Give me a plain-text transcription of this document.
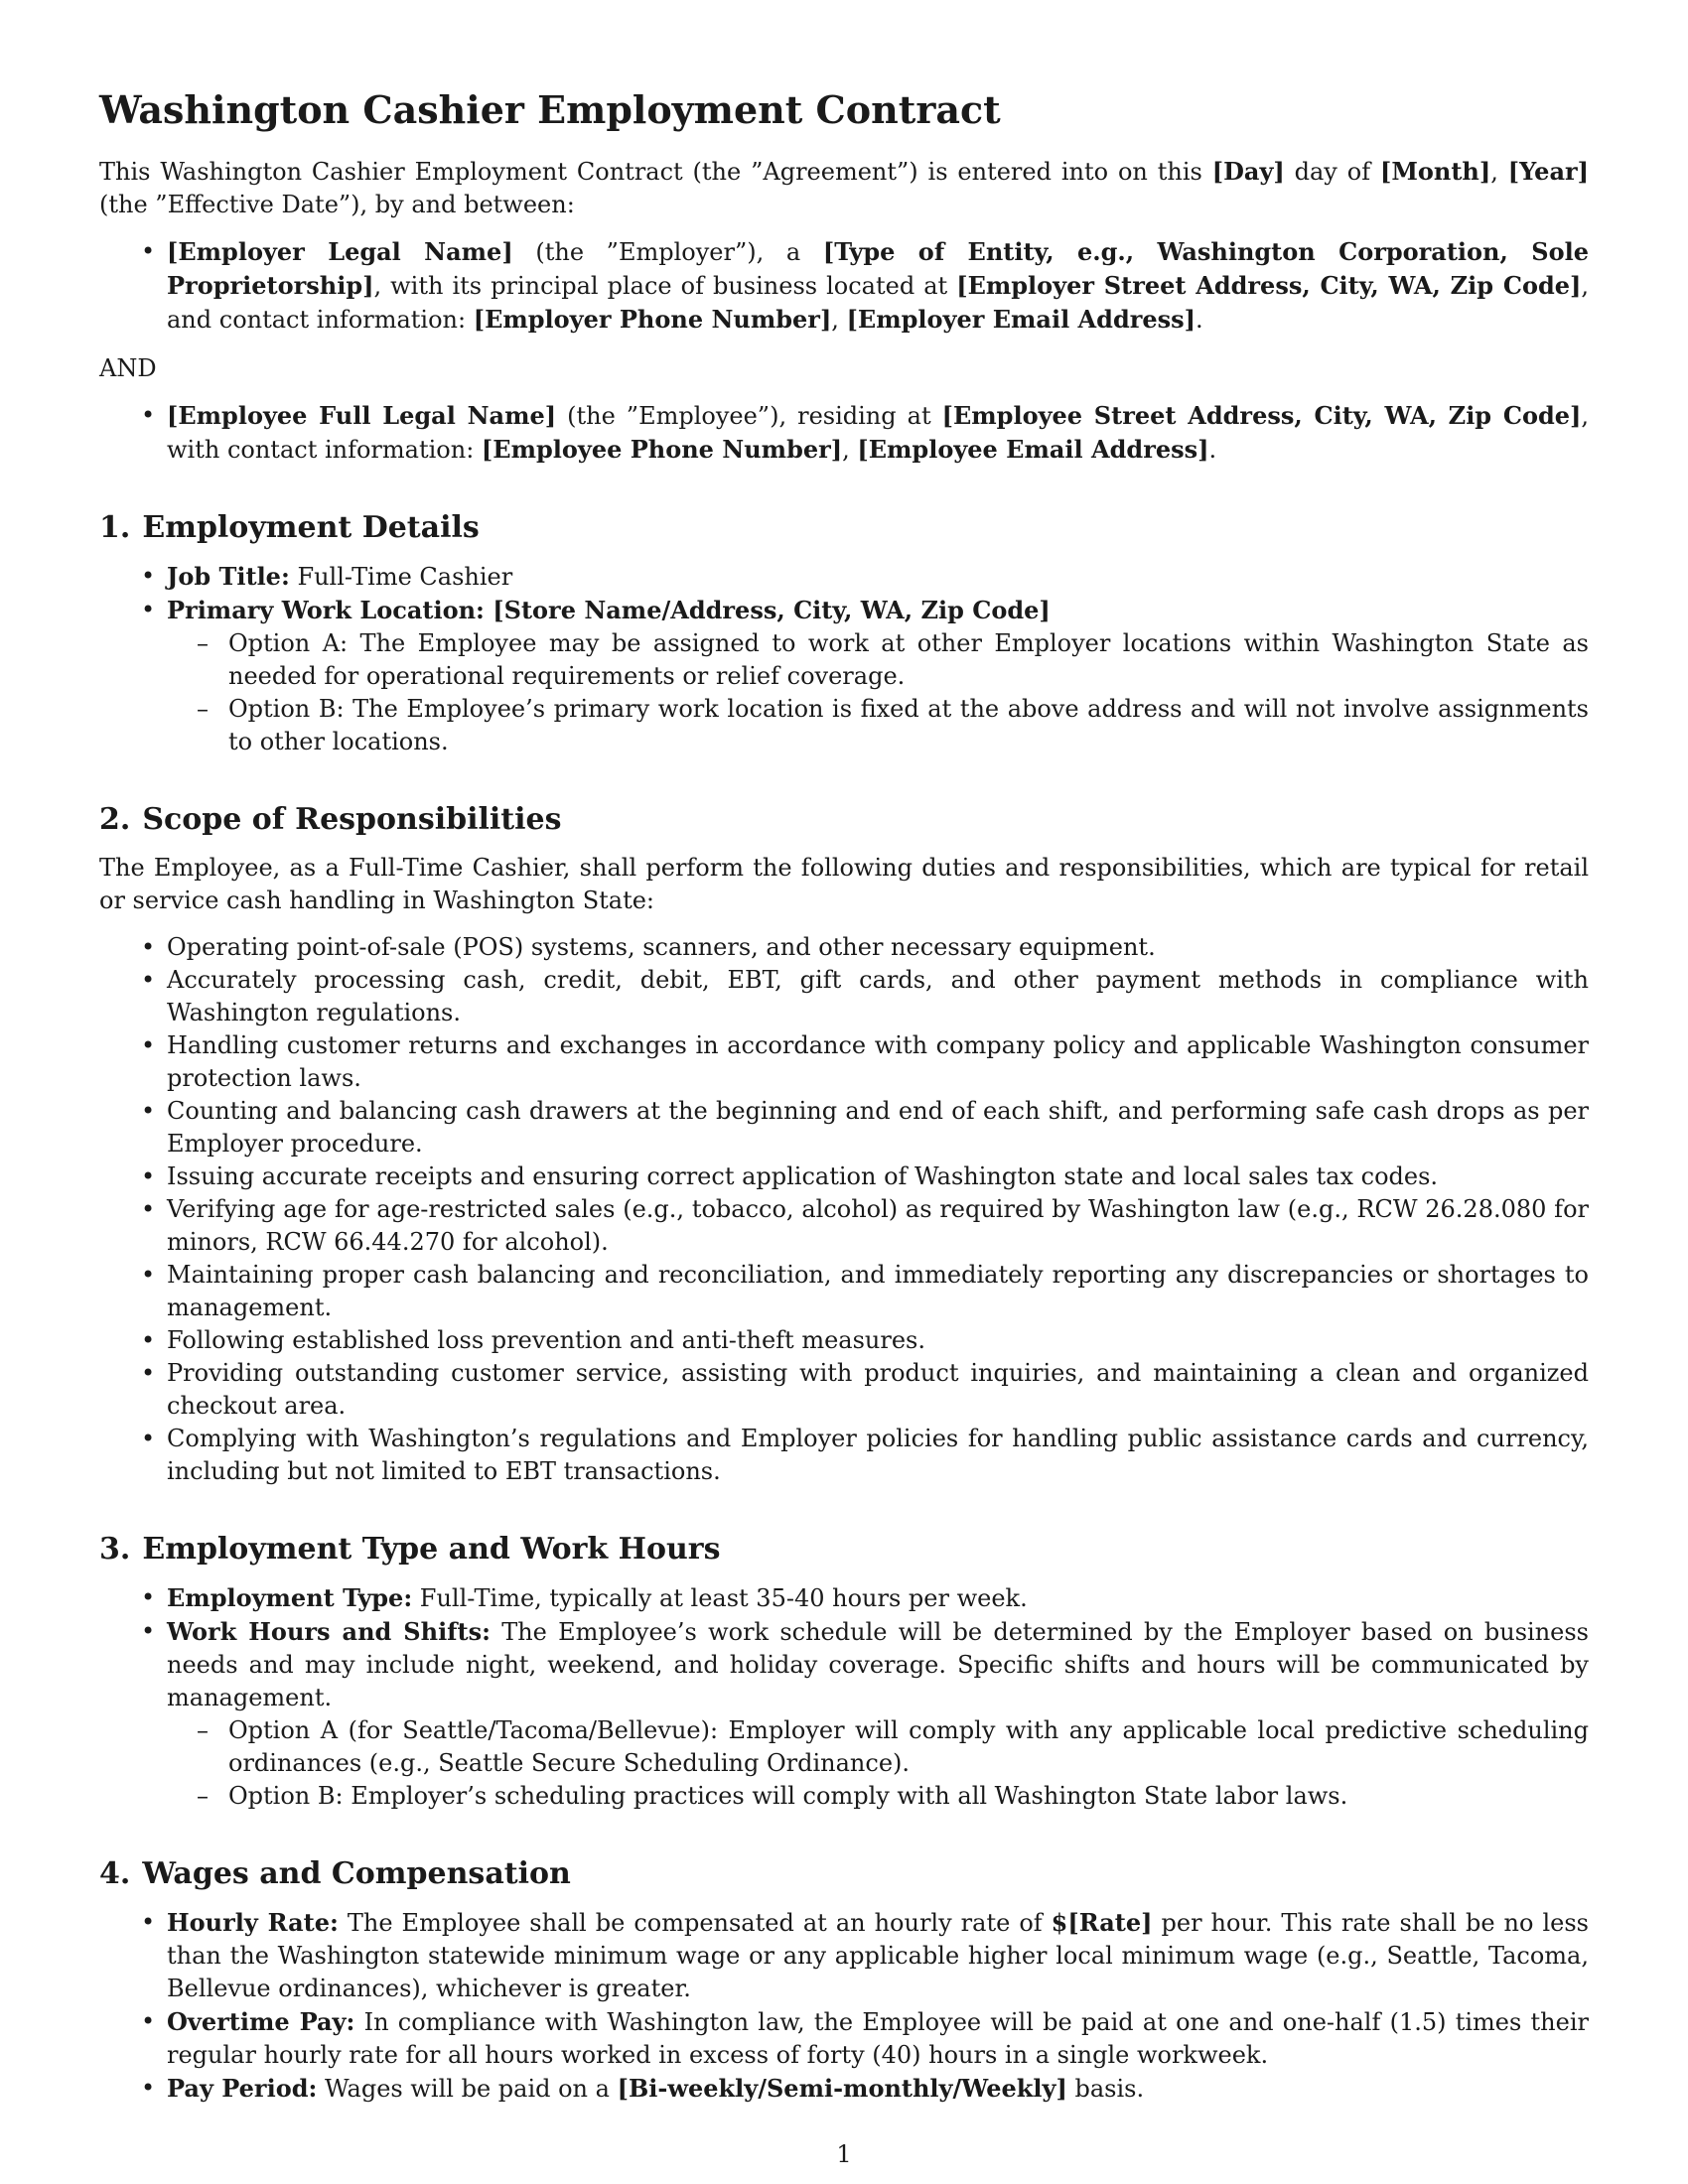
Washington Cashier Employment Contract

This Washington Cashier Employment Contract (the ”Agreement”) is entered into on this [Day] day of [Month], [Year] (the ”Effective Date”), by and between:

• [Employer Legal Name] (the ”Employer”), a [Type of Entity, e.g., Washington Corporation, Sole Proprietorship], with its principal place of business located at [Employer Street Address, City, WA, Zip Code], and contact information: [Employer Phone Number], [Employer Email Address].

AND

• [Employee Full Legal Name] (the ”Employee”), residing at [Employee Street Address, City, WA, Zip Code], with contact information: [Employee Phone Number], [Employee Email Address].
1. Employment Details
• Job Title: Full-Time Cashier
• Primary Work Location: [Store Name/Address, City, WA, Zip Code]
– Option A: The Employee may be assigned to work at other Employer locations within Washington State as needed for operational requirements or relief coverage.
– Option B: The Employee’s primary work location is fixed at the above address and will not involve assignments to other locations.
2. Scope of Responsibilities

The Employee, as a Full-Time Cashier, shall perform the following duties and responsibilities, which are typical for retail or service cash handling in Washington State:

• Operating point-of-sale (POS) systems, scanners, and other necessary equipment.
• Accurately processing cash, credit, debit, EBT, gift cards, and other payment methods in compliance with Washington regulations.
• Handling customer returns and exchanges in accordance with company policy and applicable Washington consumer protection laws.
• Counting and balancing cash drawers at the beginning and end of each shift, and performing safe cash drops as per Employer procedure.
• Issuing accurate receipts and ensuring correct application of Washington state and local sales tax codes.
• Verifying age for age-restricted sales (e.g., tobacco, alcohol) as required by Washington law (e.g., RCW 26.28.080 for minors, RCW 66.44.270 for alcohol).
• Maintaining proper cash balancing and reconciliation, and immediately reporting any discrepancies or shortages to management.
• Following established loss prevention and anti-theft measures.
• Providing outstanding customer service, assisting with product inquiries, and maintaining a clean and organized checkout area.
• Complying with Washington’s regulations and Employer policies for handling public assistance cards and currency, including but not limited to EBT transactions.
3. Employment Type and Work Hours
• Employment Type: Full-Time, typically at least 35-40 hours per week.
• Work Hours and Shifts: The Employee’s work schedule will be determined by the Employer based on business needs and may include night, weekend, and holiday coverage. Specific shifts and hours will be communicated by management.
– Option A (for Seattle/Tacoma/Bellevue): Employer will comply with any applicable local predictive scheduling ordinances (e.g., Seattle Secure Scheduling Ordinance).
– Option B: Employer’s scheduling practices will comply with all Washington State labor laws.
4. Wages and Compensation
• Hourly Rate: The Employee shall be compensated at an hourly rate of $[Rate] per hour. This rate shall be no less than the Washington statewide minimum wage or any applicable higher local minimum wage (e.g., Seattle, Tacoma, Bellevue ordinances), whichever is greater.
• Overtime Pay: In compliance with Washington law, the Employee will be paid at one and one-half (1.5) times their regular hourly rate for all hours worked in excess of forty (40) hours in a single workweek.
• Pay Period: Wages will be paid on a [Bi-weekly/Semi-monthly/Weekly] basis.
1
